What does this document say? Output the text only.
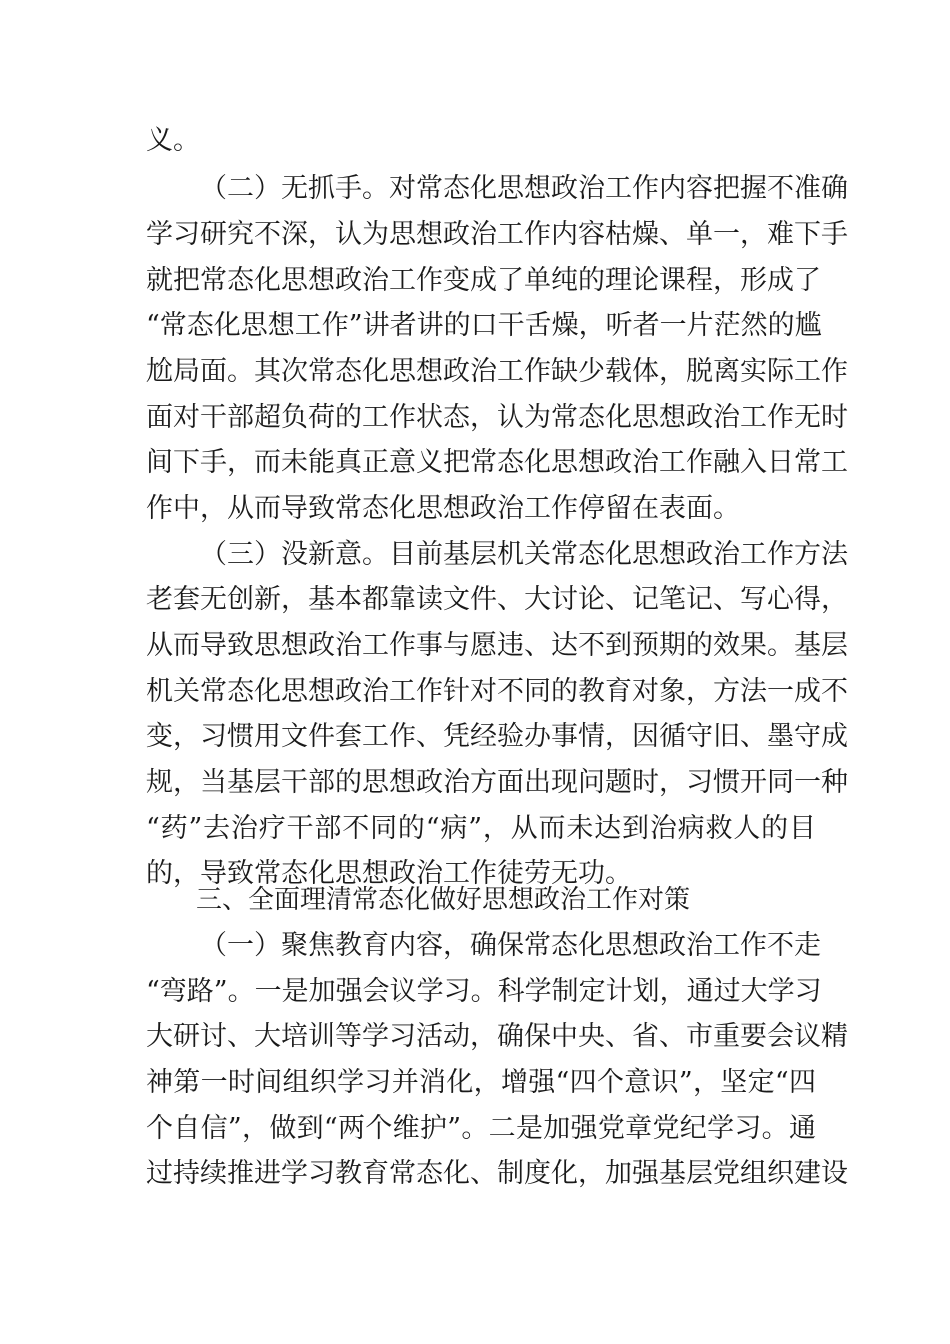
义。
（二）无抓手。对常态化思想政治工作内容把握不准确
学习研究不深，认为思想政治工作内容枯燥、单一，难下手
就把常态化思想政治工作变成了单纯的理论课程，形成了
“常态化思想工作”讲者讲的口干舌燥，听者一片茫然的尴
尬局面。其次常态化思想政治工作缺少载体，脱离实际工作
面对干部超负荷的工作状态，认为常态化思想政治工作无时
间下手，而未能真正意义把常态化思想政治工作融入日常工
作中，从而导致常态化思想政治工作停留在表面。
（三）没新意。目前基层机关常态化思想政治工作方法
老套无创新，基本都靠读文件、大讨论、记笔记、写心得，
从而导致思想政治工作事与愿违、达不到预期的效果。基层
机关常态化思想政治工作针对不同的教育对象，方法一成不
变，习惯用文件套工作、凭经验办事情，因循守旧、墨守成
规，当基层干部的思想政治方面出现问题时，习惯开同一种
“药”去治疗干部不同的“病”，从而未达到治病救人的目
的，导致常态化思想政治工作徒劳无功。
三、全面理清常态化做好思想政治工作对策
（一）聚焦教育内容，确保常态化思想政治工作不走
“弯路”。一是加强会议学习。科学制定计划，通过大学习
大研讨、大培训等学习活动，确保中央、省、市重要会议精
神第一时间组织学习并消化，增强“四个意识”，坚定“四
个自信”，做到“两个维护”。二是加强党章党纪学习。通
过持续推进学习教育常态化、制度化，加强基层党组织建设
